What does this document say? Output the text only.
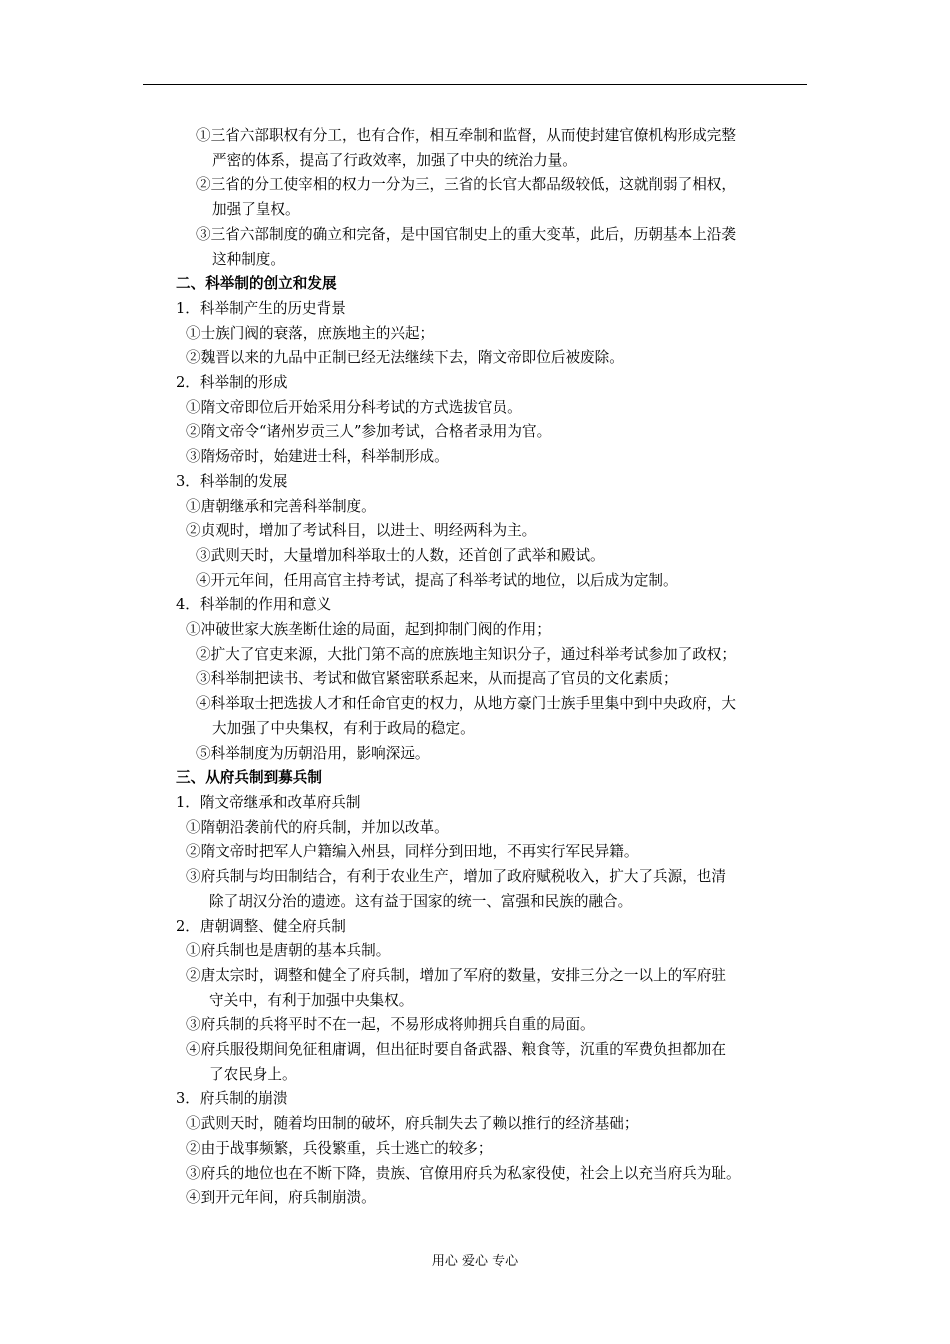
①三省六部职权有分工，也有合作，相互牵制和监督，从而使封建官僚机构形成完整
严密的体系，提高了行政效率，加强了中央的统治力量。
②三省的分工使宰相的权力一分为三，三省的长官大都品级较低，这就削弱了相权，
加强了皇权。
③三省六部制度的确立和完备，是中国官制史上的重大变革，此后，历朝基本上沿袭
这种制度。
二、科举制的创立和发展
1．科举制产生的历史背景
①士族门阀的衰落，庶族地主的兴起；
②魏晋以来的九品中正制已经无法继续下去，隋文帝即位后被废除。
2．科举制的形成
①隋文帝即位后开始采用分科考试的方式选拔官员。
②隋文帝令“诸州岁贡三人”参加考试，合格者录用为官。
③隋炀帝时，始建进士科，科举制形成。
3．科举制的发展
①唐朝继承和完善科举制度。
②贞观时，增加了考试科目，以进士、明经两科为主。
③武则天时，大量增加科举取士的人数，还首创了武举和殿试。
④开元年间，任用高官主持考试，提高了科举考试的地位，以后成为定制。
4．科举制的作用和意义
①冲破世家大族垄断仕途的局面，起到抑制门阀的作用；
②扩大了官吏来源，大批门第不高的庶族地主知识分子，通过科举考试参加了政权；
③科举制把读书、考试和做官紧密联系起来，从而提高了官员的文化素质；
④科举取士把选拔人才和任命官吏的权力，从地方豪门士族手里集中到中央政府，大
大加强了中央集权，有利于政局的稳定。
⑤科举制度为历朝沿用，影响深远。
三、从府兵制到募兵制
1．隋文帝继承和改革府兵制
①隋朝沿袭前代的府兵制，并加以改革。
②隋文帝时把军人户籍编入州县，同样分到田地，不再实行军民异籍。
③府兵制与均田制结合，有利于农业生产，增加了政府赋税收入，扩大了兵源，也清
除了胡汉分治的遗迹。这有益于国家的统一、富强和民族的融合。
2．唐朝调整、健全府兵制
①府兵制也是唐朝的基本兵制。
②唐太宗时，调整和健全了府兵制，增加了军府的数量，安排三分之一以上的军府驻
守关中，有利于加强中央集权。
③府兵制的兵将平时不在一起，不易形成将帅拥兵自重的局面。
④府兵服役期间免征租庸调，但出征时要自备武器、粮食等，沉重的军费负担都加在
了农民身上。
3．府兵制的崩溃
①武则天时，随着均田制的破坏，府兵制失去了赖以推行的经济基础；
②由于战事频繁，兵役繁重，兵士逃亡的较多；
③府兵的地位也在不断下降，贵族、官僚用府兵为私家役使，社会上以充当府兵为耻。
④到开元年间，府兵制崩溃。
用心 爱心 专心
